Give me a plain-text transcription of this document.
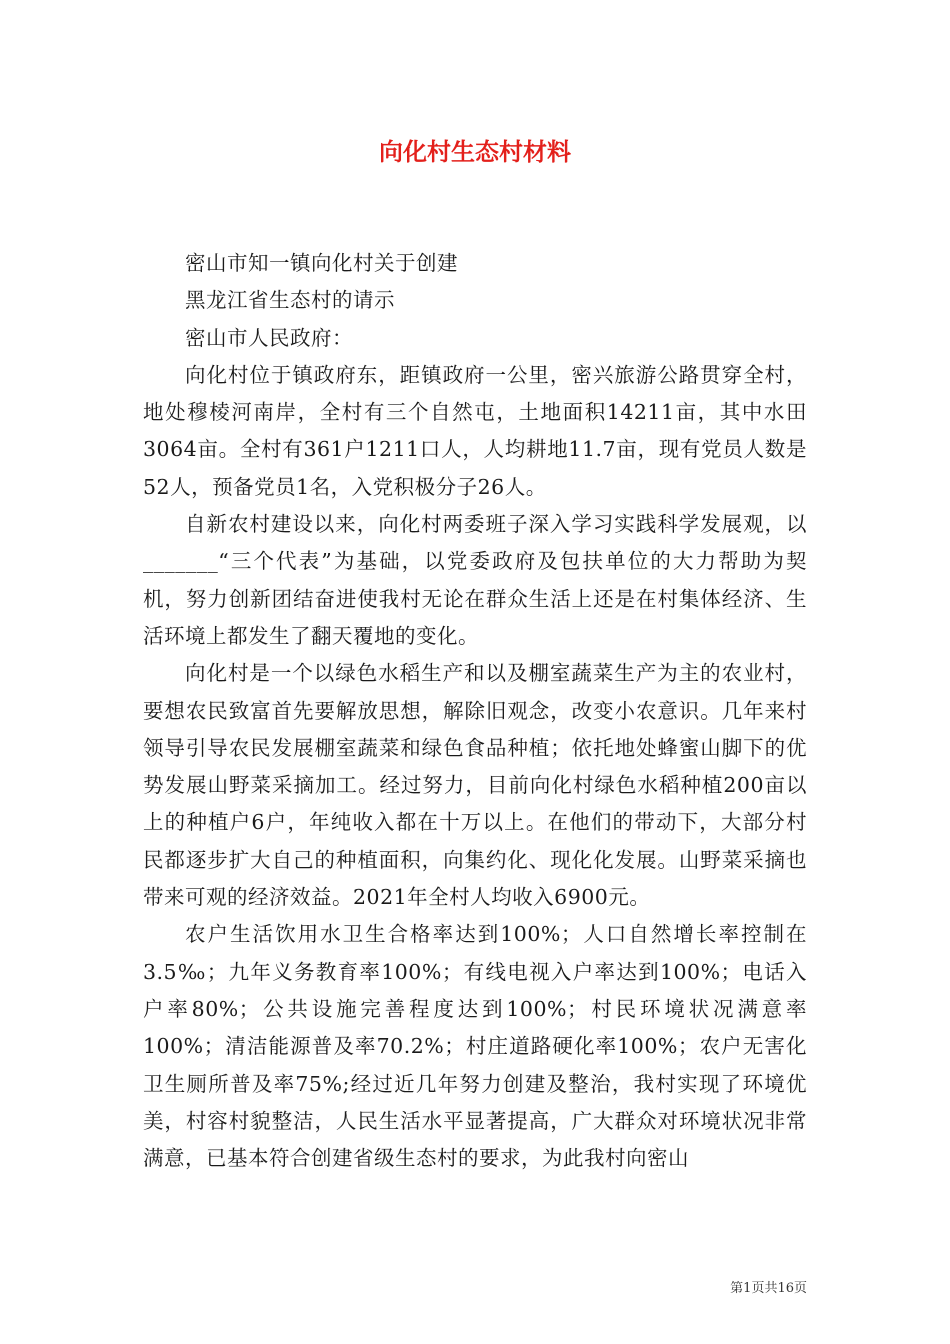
向化村生态村材料

密山市知一镇向化村关于创建

黑龙江省生态村的请示

密山市人民政府：

向化村位于镇政府东，距镇政府一公里，密兴旅游公路贯穿全村，地处穆棱河南岸，全村有三个自然屯，土地面积14211亩，其中水田3064亩。全村有361户1211口人，人均耕地11.7亩，现有党员人数是52人，预备党员1名，入党积极分子26人。

自新农村建设以来，向化村两委班子深入学习实践科学发展观，以_______“三个代表”为基础，以党委政府及包扶单位的大力帮助为契机，努力创新团结奋进使我村无论在群众生活上还是在村集体经济、生活环境上都发生了翻天覆地的变化。

向化村是一个以绿色水稻生产和以及棚室蔬菜生产为主的农业村，要想农民致富首先要解放思想，解除旧观念，改变小农意识。几年来村领导引导农民发展棚室蔬菜和绿色食品种植；依托地处蜂蜜山脚下的优势发展山野菜采摘加工。经过努力，目前向化村绿色水稻种植200亩以上的种植户6户，年纯收入都在十万以上。在他们的带动下，大部分村民都逐步扩大自己的种植面积，向集约化、现化化发展。山野菜采摘也带来可观的经济效益。2021年全村人均收入6900元。

农户生活饮用水卫生合格率达到100%；人口自然增长率控制在3.5‰；九年义务教育率100%；有线电视入户率达到100%；电话入户率80%；公共设施完善程度达到100%；村民环境状况满意率100%；清洁能源普及率70.2%；村庄道路硬化率100%；农户无害化卫生厕所普及率75%;经过近几年努力创建及整治，我村实现了环境优美，村容村貌整洁，人民生活水平显著提高，广大群众对环境状况非常满意，已基本符合创建省级生态村的要求，为此我村向密山

第1页共16页
